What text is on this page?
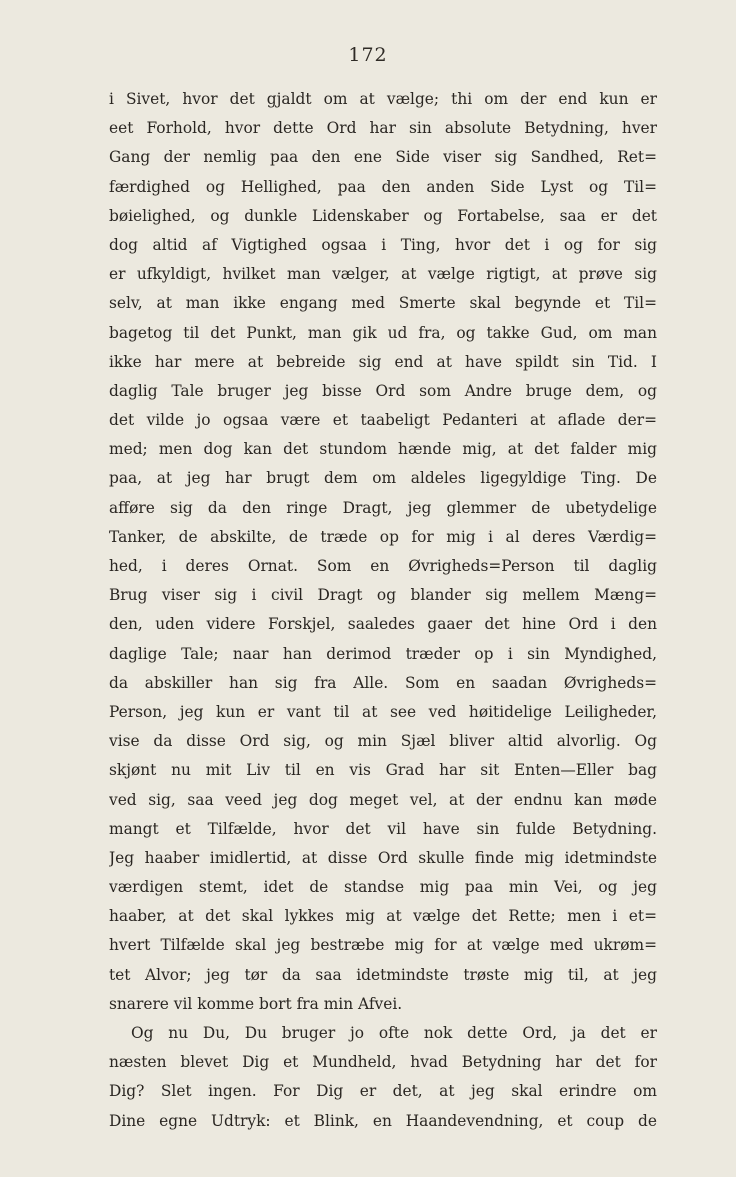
172
i Sivet, hvor det gjaldt om at vælge; thi om der end kun er
eet Forhold, hvor dette Ord har sin absolute Betydning, hver
Gang der nemlig paa den ene Side viser sig Sandhed, Ret=
færdighed og Hellighed, paa den anden Side Lyst og Til=
bøielighed, og dunkle Lidenskaber og Fortabelse, saa er det
dog altid af Vigtighed ogsaa i Ting, hvor det i og for sig
er ufkyldigt, hvilket man vælger, at vælge rigtigt, at prøve sig
selv, at man ikke engang med Smerte skal begynde et Til=
bagetog til det Punkt, man gik ud fra, og takke Gud, om man
ikke har mere at bebreide sig end at have spildt sin Tid. I
daglig Tale bruger jeg bisse Ord som Andre bruge dem, og
det vilde jo ogsaa være et taabeligt Pedanteri at aflade der=
med; men dog kan det stundom hænde mig, at det falder mig
paa, at jeg har brugt dem om aldeles ligegyldige Ting. De
afføre sig da den ringe Dragt, jeg glemmer de ubetydelige
Tanker, de abskilte, de træde op for mig i al deres Værdig=
hed, i deres Ornat. Som en Øvrigheds=Person til daglig
Brug viser sig i civil Dragt og blander sig mellem Mæng=
den, uden videre Forskjel, saaledes gaaer det hine Ord i den
daglige Tale; naar han derimod træder op i sin Myndighed,
da abskiller han sig fra Alle. Som en saadan Øvrigheds=
Person, jeg kun er vant til at see ved høitidelige Leiligheder,
vise da disse Ord sig, og min Sjæl bliver altid alvorlig. Og
skjønt nu mit Liv til en vis Grad har sit Enten—Eller bag
ved sig, saa veed jeg dog meget vel, at der endnu kan møde
mangt et Tilfælde, hvor det vil have sin fulde Betydning.
Jeg haaber imidlertid, at disse Ord skulle finde mig idetmindste
værdigen stemt, idet de standse mig paa min Vei, og jeg
haaber, at det skal lykkes mig at vælge det Rette; men i et=
hvert Tilfælde skal jeg bestræbe mig for at vælge med ukrøm=
tet Alvor; jeg tør da saa idetmindste trøste mig til, at jeg
snarere vil komme bort fra min Afvei.
Og nu Du, Du bruger jo ofte nok dette Ord, ja det er
næsten blevet Dig et Mundheld, hvad Betydning har det for
Dig? Slet ingen. For Dig er det, at jeg skal erindre om
Dine egne Udtryk: et Blink, en Haandevendning, et coup de
